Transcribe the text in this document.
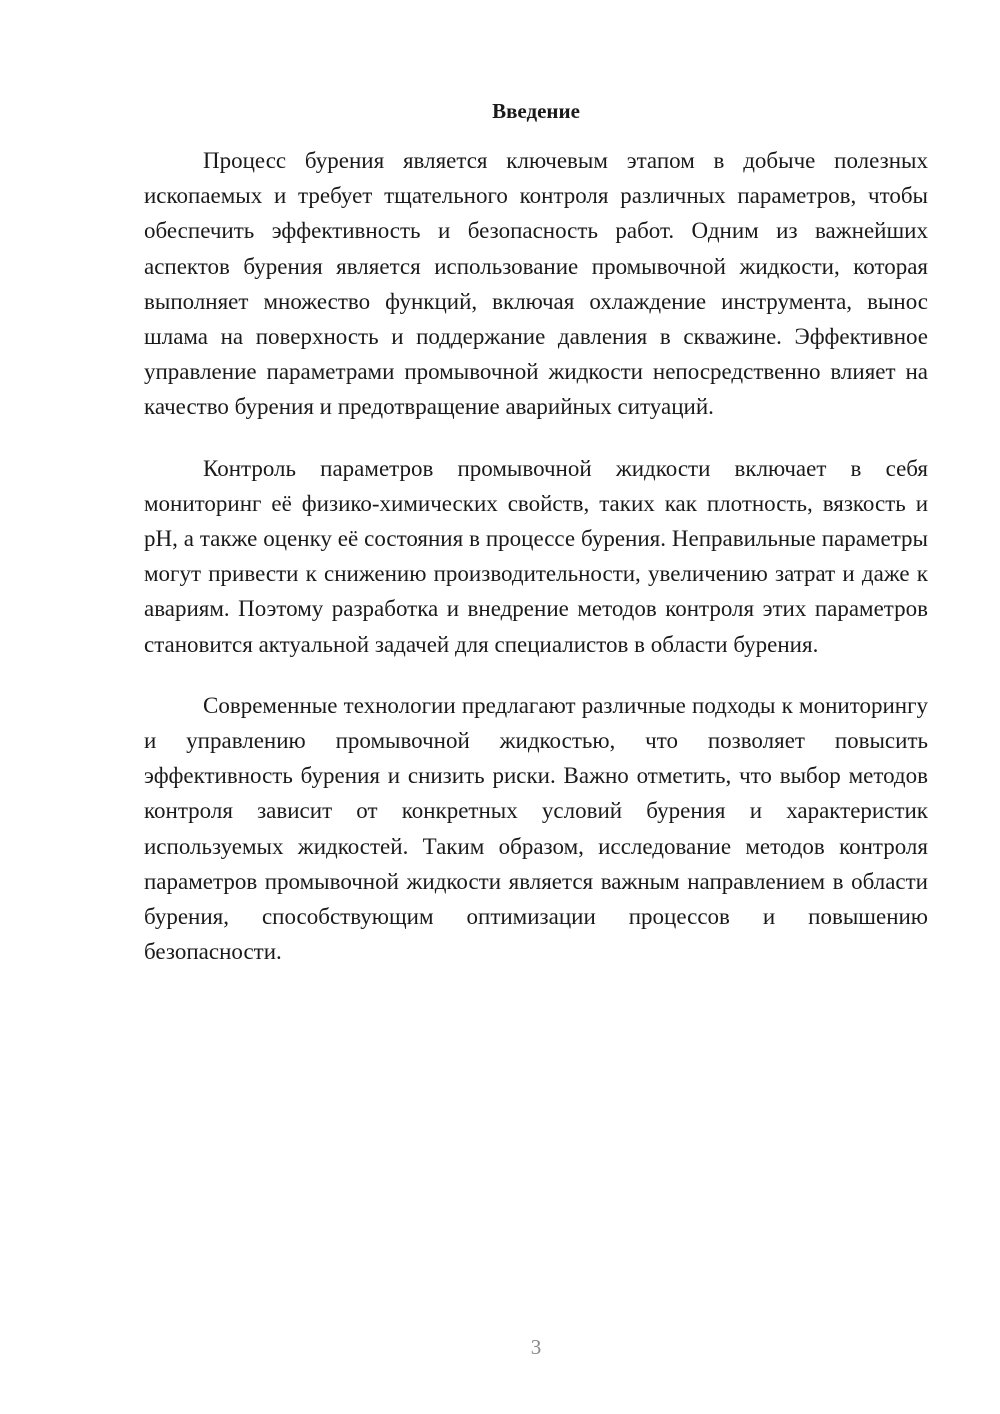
Введение

Процесс бурения является ключевым этапом в добыче полезных ископаемых и требует тщательного контроля различных параметров, чтобы обеспечить эффективность и безопасность работ. Одним из важнейших аспектов бурения является использование промывочной жидкости, которая выполняет множество функций, включая охлаждение инструмента, вынос шлама на поверхность и поддержание давления в скважине. Эффективное управление параметрами промывочной жидкости непосредственно влияет на качество бурения и предотвращение аварийных ситуаций.

Контроль параметров промывочной жидкости включает в себя мониторинг её физико-химических свойств, таких как плотность, вязкость и pH, а также оценку её состояния в процессе бурения. Неправильные параметры могут привести к снижению производительности, увеличению затрат и даже к авариям. Поэтому разработка и внедрение методов контроля этих параметров становится актуальной задачей для специалистов в области бурения.

Современные технологии предлагают различные подходы к мониторингу и управлению промывочной жидкостью, что позволяет повысить эффективность бурения и снизить риски. Важно отметить, что выбор методов контроля зависит от конкретных условий бурения и характеристик используемых жидкостей. Таким образом, исследование методов контроля параметров промывочной жидкости является важным направлением в области бурения, способствующим оптимизации процессов и повышению безопасности.

3
